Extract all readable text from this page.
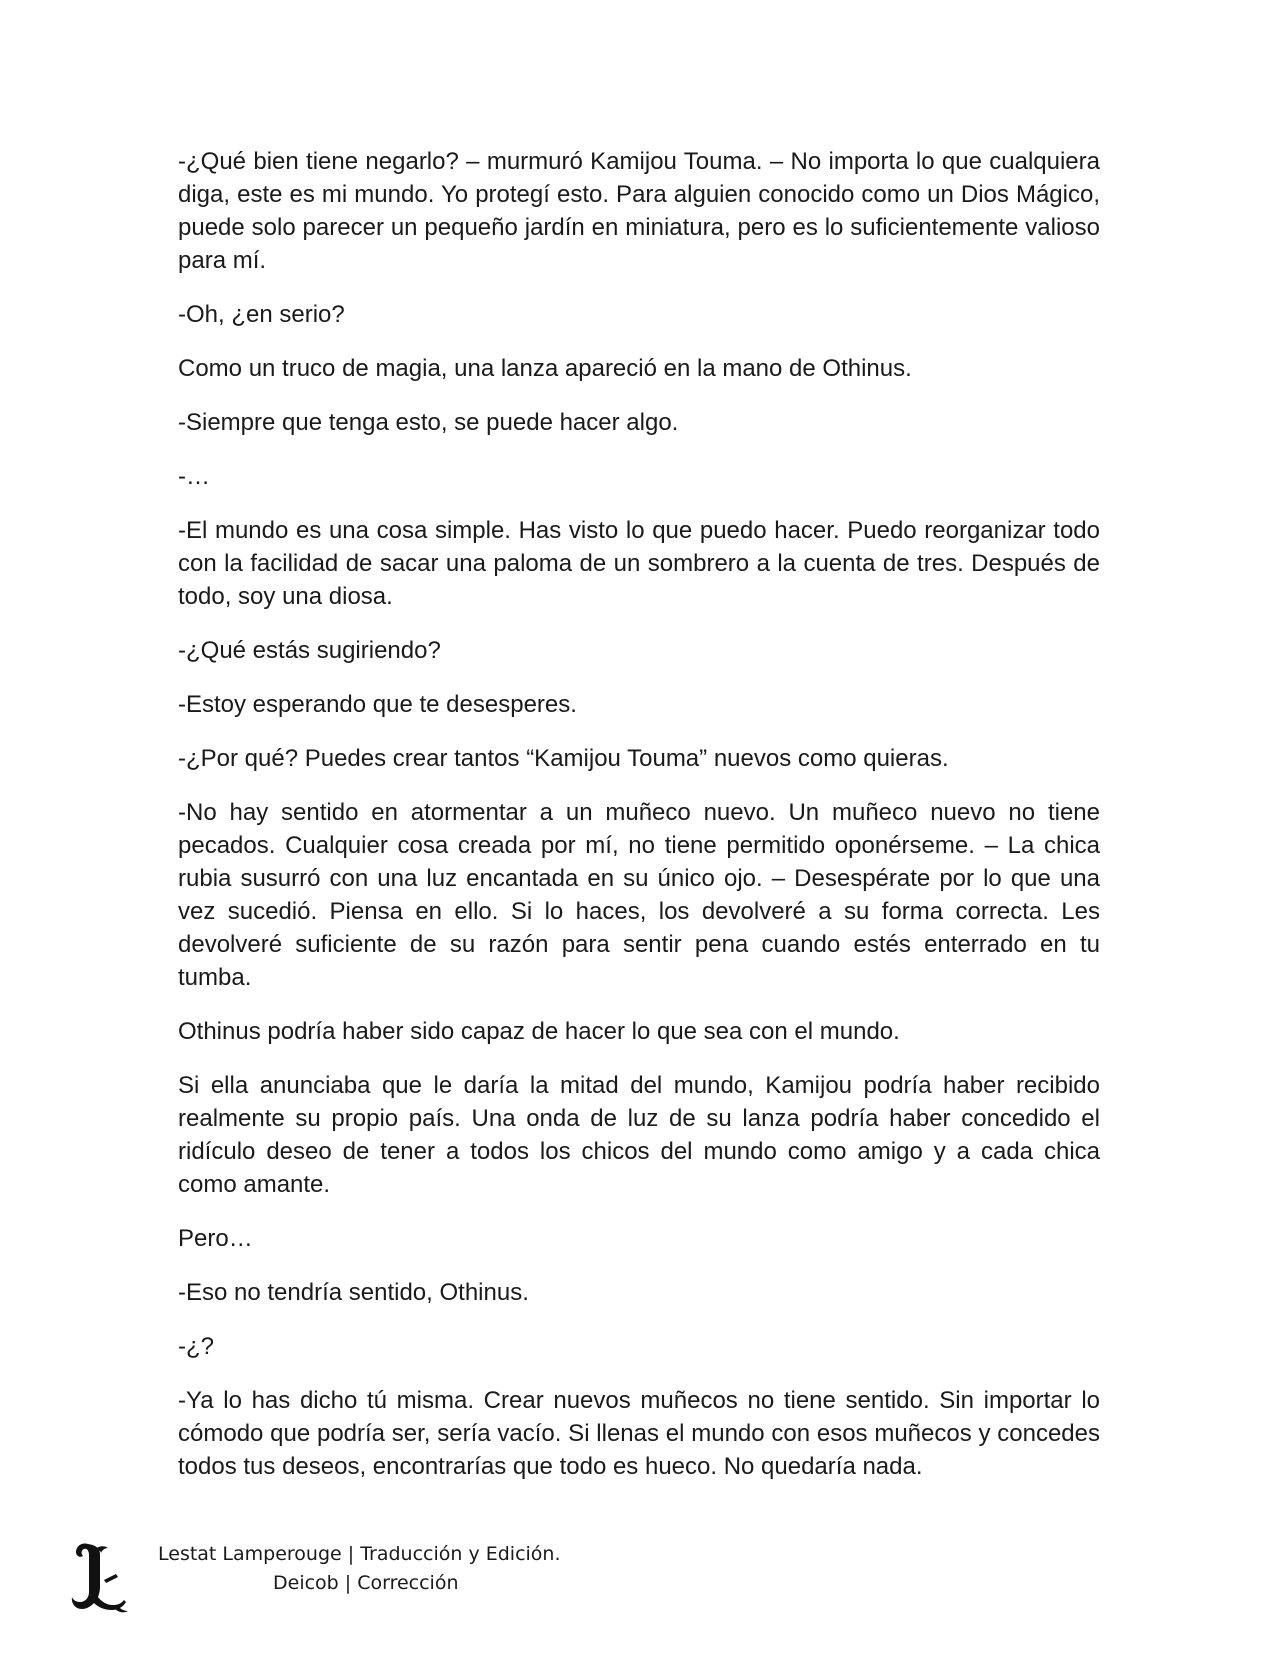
-¿Qué bien tiene negarlo? – murmuró Kamijou Touma. – No importa lo que cualquiera diga, este es mi mundo. Yo protegí esto. Para alguien conocido como un Dios Mágico, puede solo parecer un pequeño jardín en miniatura, pero es lo suficientemente valioso para mí.

-Oh, ¿en serio?

Como un truco de magia, una lanza apareció en la mano de Othinus.

-Siempre que tenga esto, se puede hacer algo.

-…

-El mundo es una cosa simple. Has visto lo que puedo hacer. Puedo reorganizar todo con la facilidad de sacar una paloma de un sombrero a la cuenta de tres. Después de todo, soy una diosa.

-¿Qué estás sugiriendo?

-Estoy esperando que te desesperes.

-¿Por qué? Puedes crear tantos “Kamijou Touma” nuevos como quieras.

-No hay sentido en atormentar a un muñeco nuevo. Un muñeco nuevo no tiene pecados. Cualquier cosa creada por mí, no tiene permitido oponérseme. – La chica rubia susurró con una luz encantada en su único ojo. – Desespérate por lo que una vez sucedió. Piensa en ello. Si lo haces, los devolveré a su forma correcta. Les devolveré suficiente de su razón para sentir pena cuando estés enterrado en tu tumba.

Othinus podría haber sido capaz de hacer lo que sea con el mundo.

Si ella anunciaba que le daría la mitad del mundo, Kamijou podría haber recibido realmente su propio país. Una onda de luz de su lanza podría haber concedido el ridículo deseo de tener a todos los chicos del mundo como amigo y a cada chica como amante.

Pero…

-Eso no tendría sentido, Othinus.

-¿?

-Ya lo has dicho tú misma. Crear nuevos muñecos no tiene sentido. Sin importar lo cómodo que podría ser, sería vacío. Si llenas el mundo con esos muñecos y concedes todos tus deseos, encontrarías que todo es hueco. No quedaría nada.

Lestat Lamperouge | Traducción y Edición.
Deicob | Corrección
